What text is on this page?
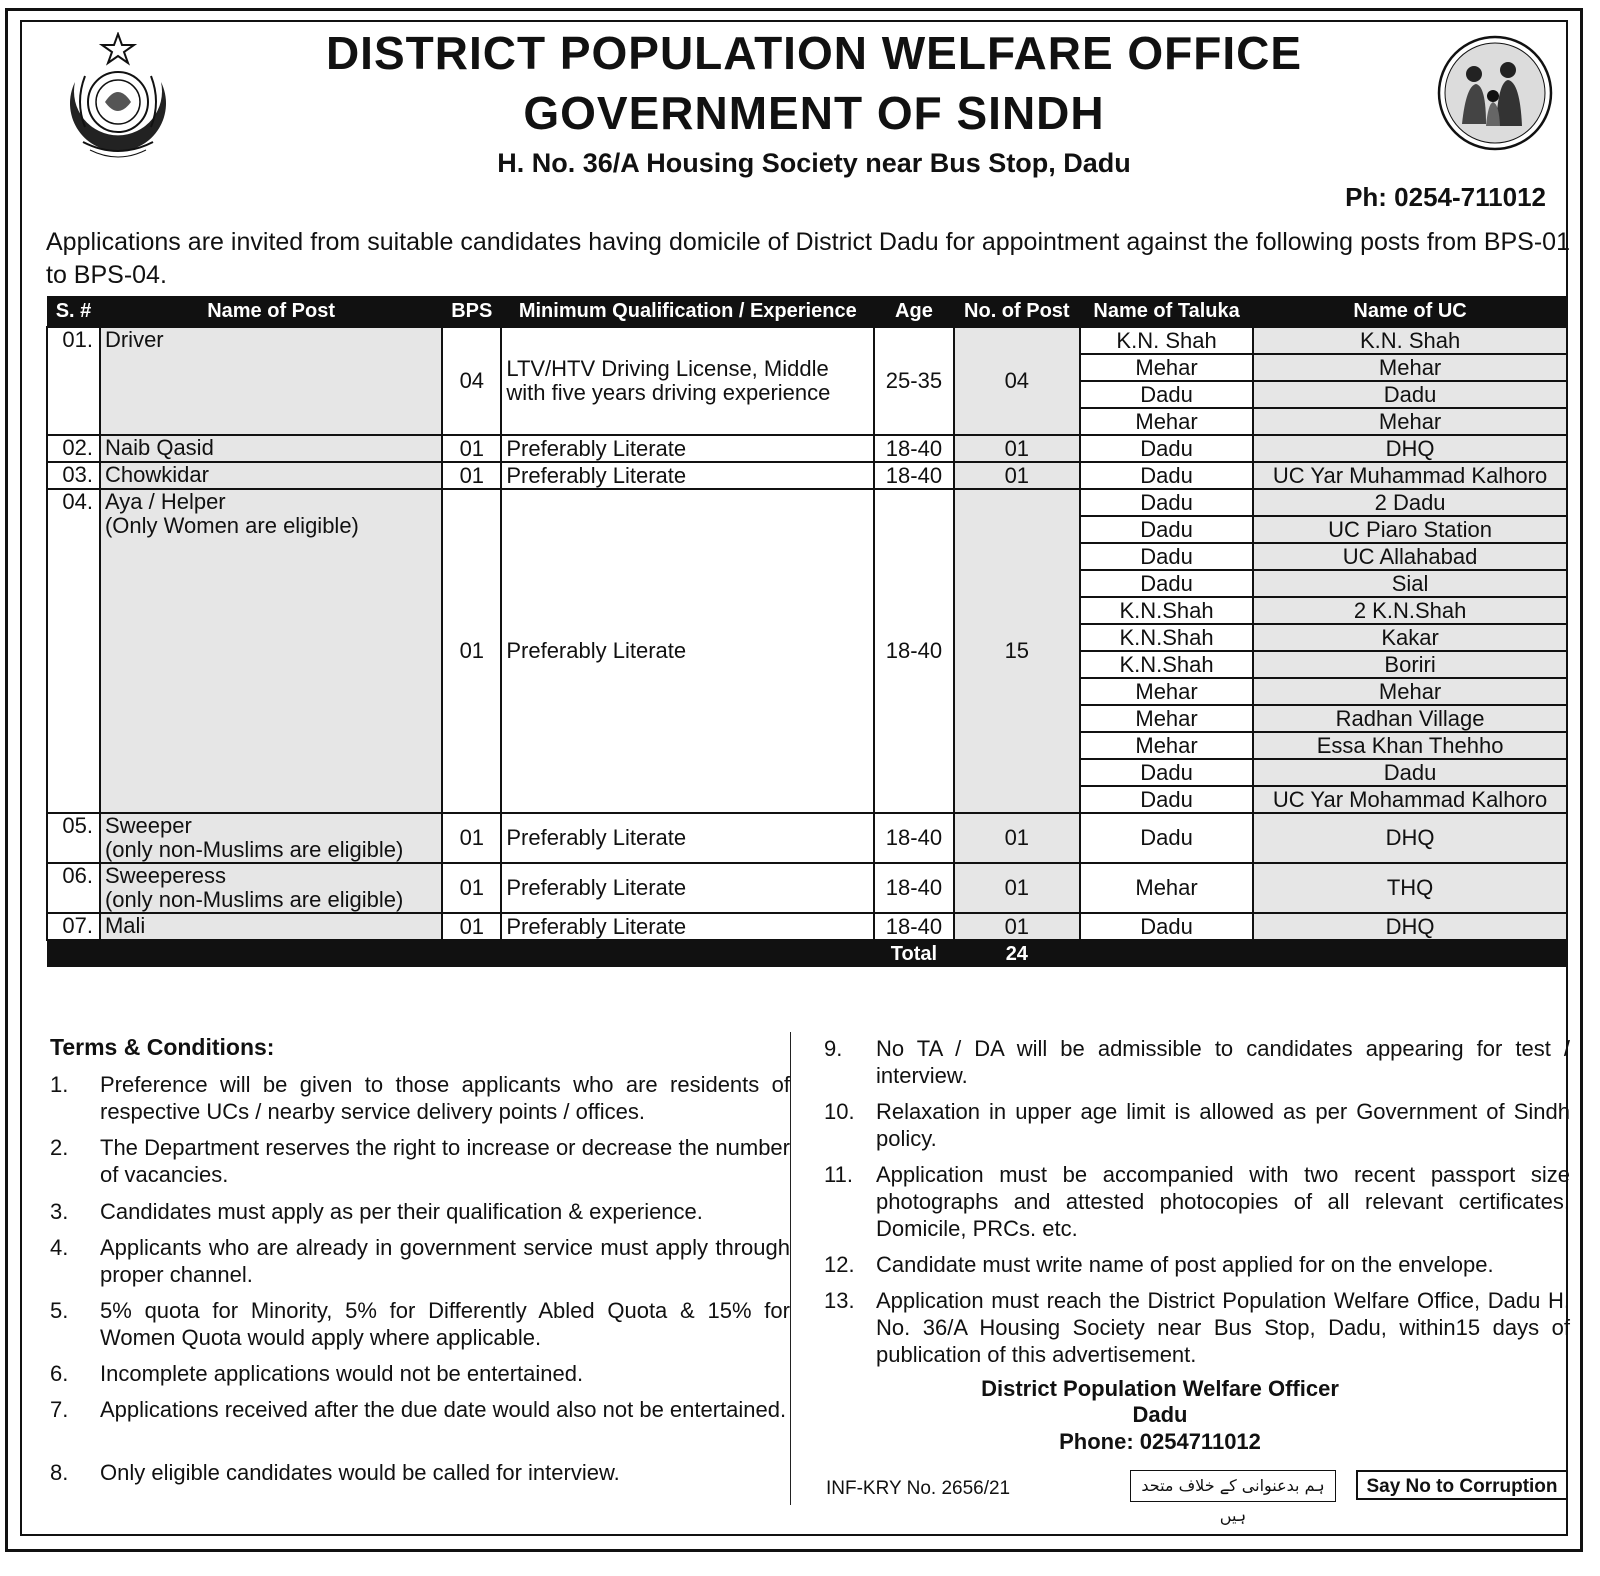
DISTRICT POPULATION WELFARE OFFICE
GOVERNMENT OF SINDH
H. No. 36/A Housing Society near Bus Stop, Dadu
Ph: 0254-711012
Applications are invited from suitable candidates having domicile of District Dadu for appointment against the following posts from BPS-01 to BPS-04.
S. #	Name of Post	BPS	Minimum Qualification / Experience	Age	No. of Post	Name of Taluka	Name of UC
01.	Driver	04	LTV/HTV Driving License, Middle with five years driving experience	25-35	04	K.N. Shah	K.N. Shah
						Mehar	Mehar
						Dadu	Dadu
						Mehar	Mehar
02.	Naib Qasid	01	Preferably Literate	18-40	01	Dadu	DHQ
03.	Chowkidar	01	Preferably Literate	18-40	01	Dadu	UC Yar Muhammad Kalhoro
04.	Aya / Helper
(Only Women are eligible)	01	Preferably Literate	18-40	15	Dadu	2 Dadu
						Dadu	UC Piaro Station
						Dadu	UC Allahabad
						Dadu	Sial
						K.N.Shah	2 K.N.Shah
						K.N.Shah	Kakar
						K.N.Shah	Boriri
						Mehar	Mehar
						Mehar	Radhan Village
						Mehar	Essa Khan Thehho
						Dadu	Dadu
						Dadu	UC Yar Mohammad Kalhoro
05.	Sweeper
(only non-Muslims are eligible)	01	Preferably Literate	18-40	01	Dadu	DHQ
06.	Sweeperess
(only non-Muslims are eligible)	01	Preferably Literate	18-40	01	Mehar	THQ
07.	Mali	01	Preferably Literate	18-40	01	Dadu	DHQ
				Total	24		
Terms & Conditions:
1. Preference will be given to those applicants who are residents of respective UCs / nearby service delivery points / offices.
2. The Department reserves the right to increase or decrease the number of vacancies.
3. Candidates must apply as per their qualification & experience.
4. Applicants who are already in government service must apply through proper channel.
5. 5% quota for Minority, 5% for Differently Abled Quota & 15% for Women Quota would apply where applicable.
6. Incomplete applications would not be entertained.
7. Applications received after the due date would also not be entertained.
8. Only eligible candidates would be called for interview.
9. No TA / DA will be admissible to candidates appearing for test / interview.
10. Relaxation in upper age limit is allowed as per Government of Sindh policy.
11. Application must be accompanied with two recent passport size photographs and attested photocopies of all relevant certificates, Domicile, PRCs. etc.
12. Candidate must write name of post applied for on the envelope.
13. Application must reach the District Population Welfare Office, Dadu H. No. 36/A Housing Society near Bus Stop, Dadu, within15 days of publication of this advertisement.
District Population Welfare Officer
Dadu
Phone: 0254711012
INF-KRY No. 2656/21	ہم بدعنوانی کے خلاف متحد ہیں
Say No to Corruption
